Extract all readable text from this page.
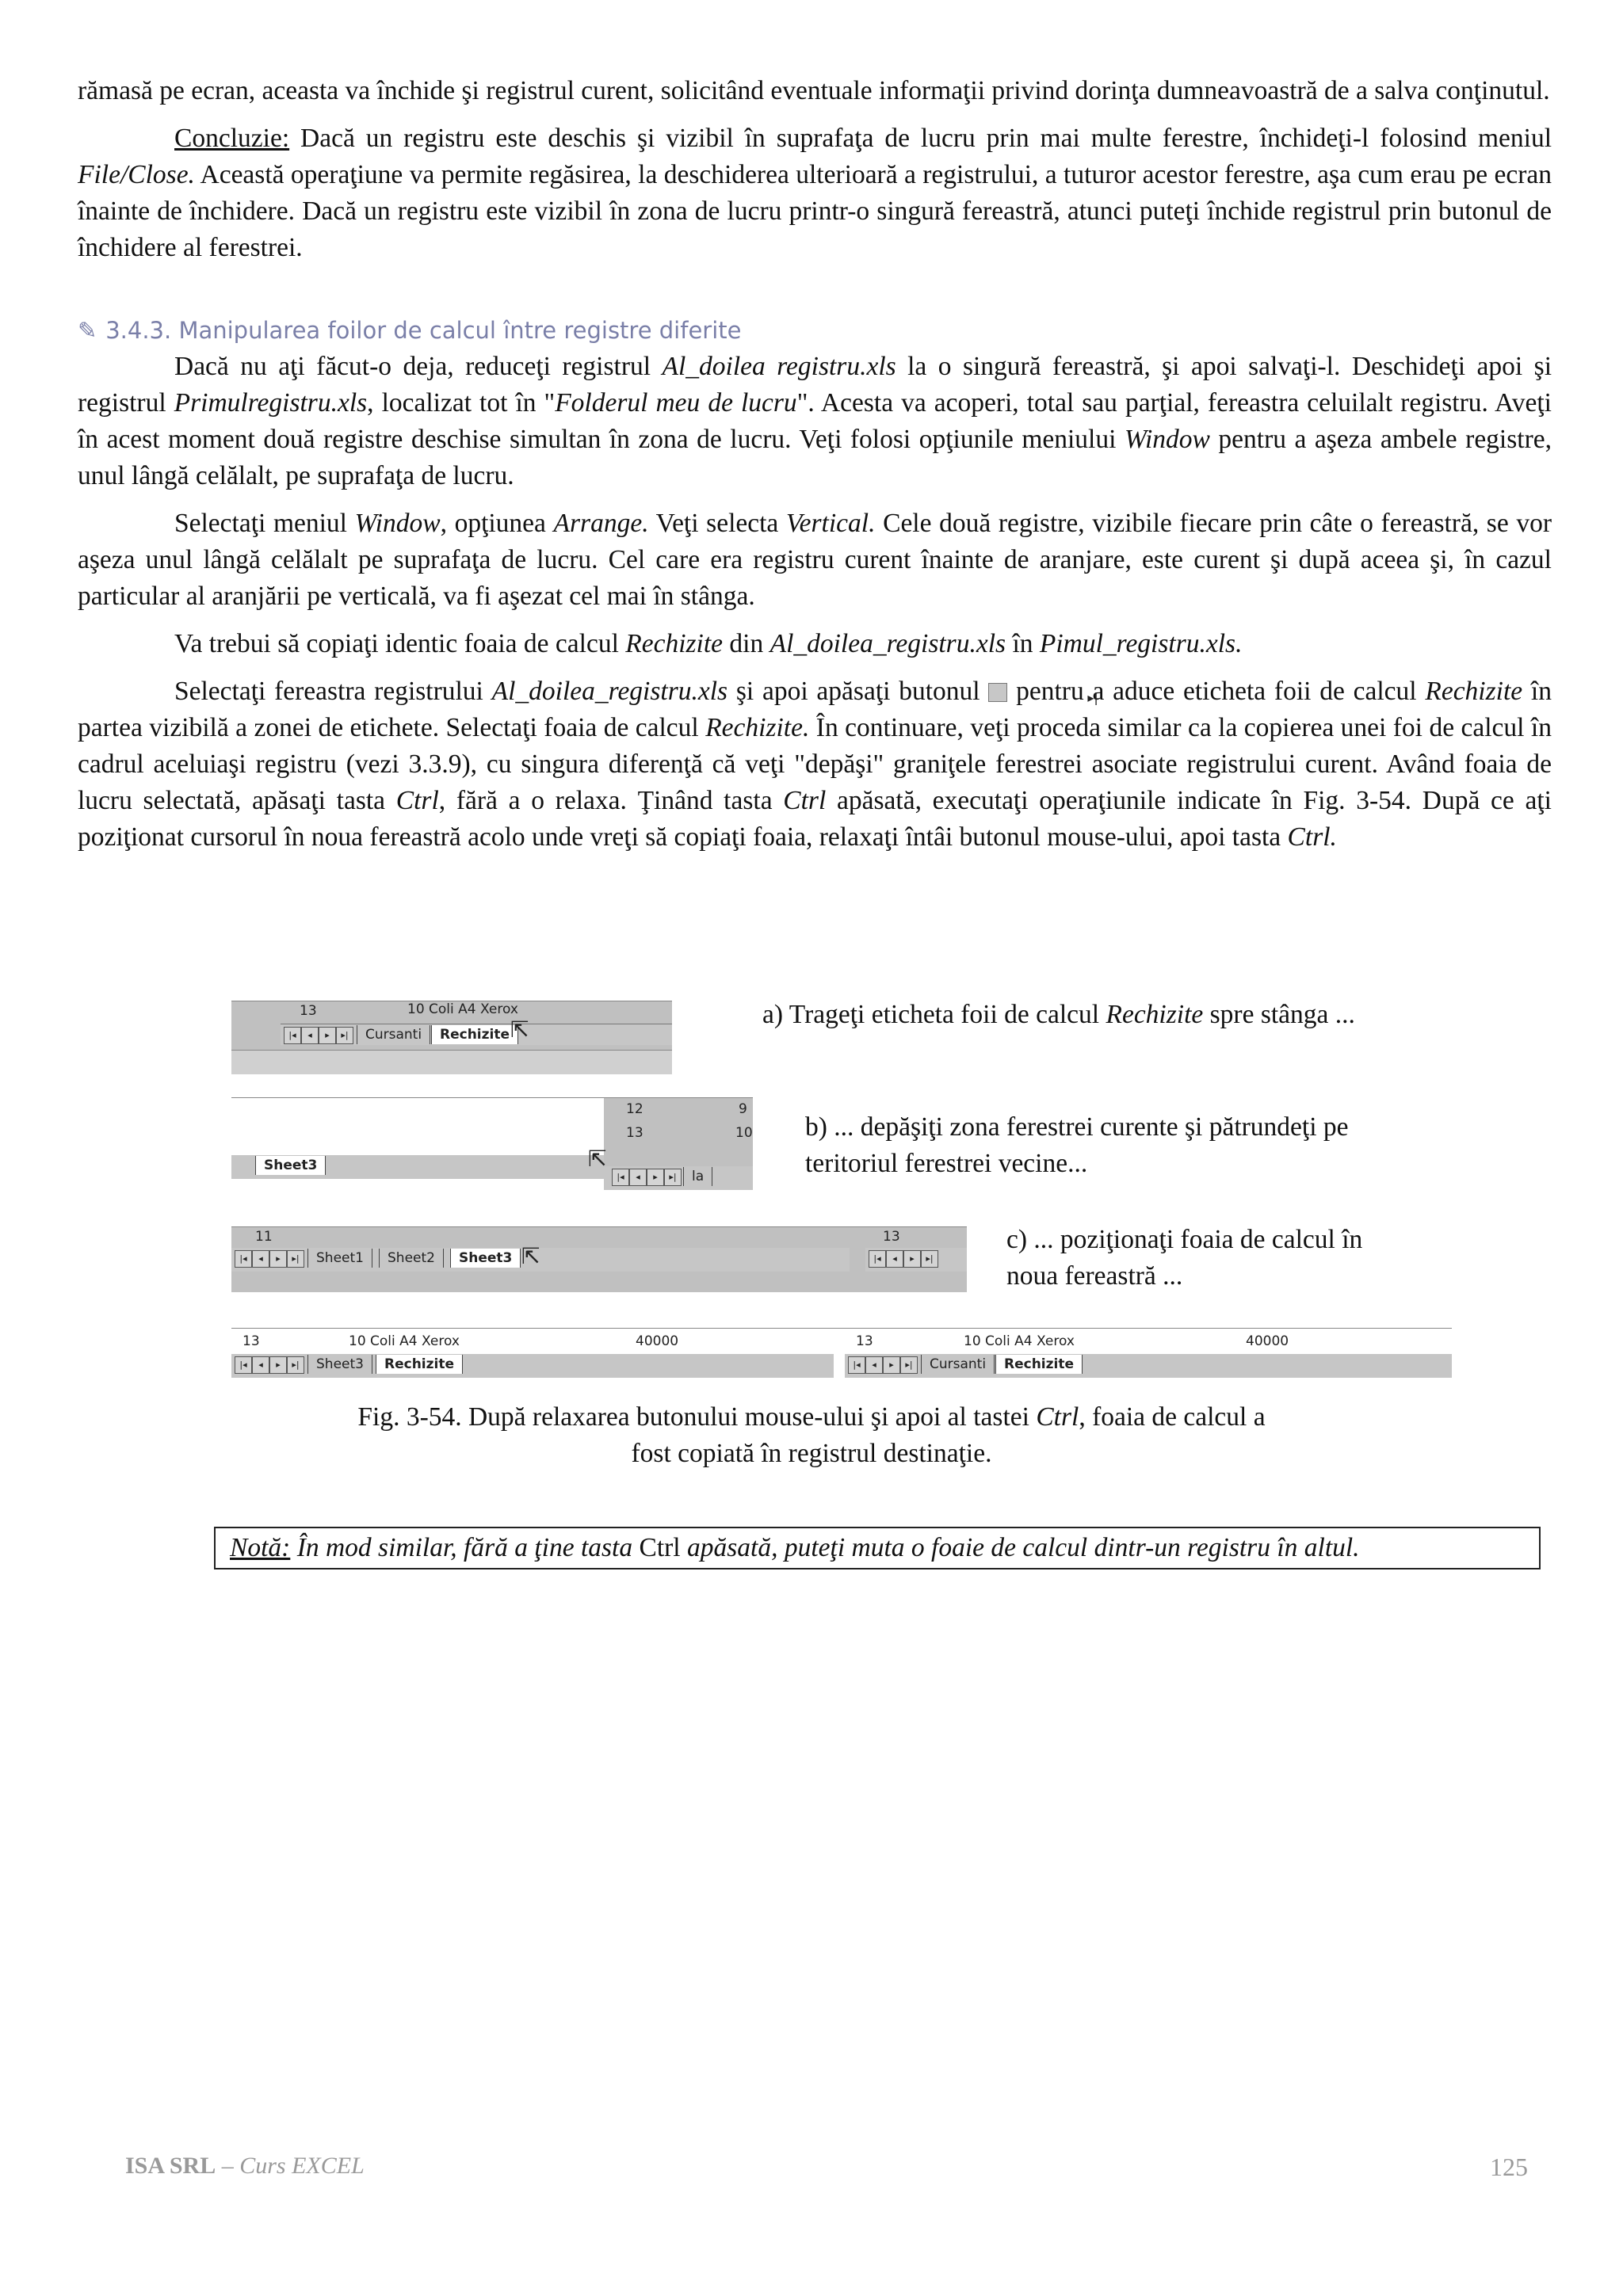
rămasă pe ecran, aceasta va închide şi registrul curent, solicitând eventuale informaţii privind dorinţa dumneavoastră de a salva conţinutul.

Concluzie: Dacă un registru este deschis şi vizibil în suprafaţa de lucru prin mai multe ferestre, închideţi-l folosind meniul File/Close. Această operaţiune va permite regăsirea, la deschiderea ulterioară a registrului, a tuturor acestor ferestre, aşa cum erau pe ecran înainte de închidere. Dacă un registru este vizibil în zona de lucru printr-o singură fereastră, atunci puteţi închide registrul prin butonul de închidere al ferestrei.

✎ 3.4.3. Manipularea foilor de calcul între registre diferite

Dacă nu aţi făcut-o deja, reduceţi registrul Al_doilea registru.xls la o singură fereastră, şi apoi salvaţi-l. Deschideţi apoi şi registrul Primulregistru.xls, localizat tot în "Folderul meu de lucru". Acesta va acoperi, total sau parţial, fereastra celuilalt registru. Aveţi în acest moment două registre deschise simultan în zona de lucru. Veţi folosi opţiunile meniului Window pentru a aşeza ambele registre, unul lângă celălalt, pe suprafaţa de lucru.

Selectaţi meniul Window, opţiunea Arrange. Veţi selecta Vertical. Cele două registre, vizibile fiecare prin câte o fereastră, se vor aşeza unul lângă celălalt pe suprafaţa de lucru. Cel care era registru curent înainte de aranjare, este curent şi după aceea şi, în cazul particular al aranjării pe verticală, va fi aşezat cel mai în stânga.

Va trebui să copiaţi identic foaia de calcul Rechizite din Al_doilea_registru.xls în Pimul_registru.xls.

Selectaţi fereastra registrului Al_doilea_registru.xls şi apoi apăsaţi butonul ▸| pentru a aduce eticheta foii de calcul Rechizite în partea vizibilă a zonei de etichete. Selectaţi foaia de calcul Rechizite. În continuare, veţi proceda similar ca la copierea unei foi de calcul în cadrul aceluiaşi registru (vezi 3.3.9), cu singura diferenţă că veţi "depăşi" graniţele ferestrei asociate registrului curent. Având foaia de lucru selectată, apăsaţi tasta Ctrl, fără a o relaxa. Ţinând tasta Ctrl apăsată, executaţi operaţiunile indicate în Fig. 3-54. După ce aţi poziţionat cursorul în noua fereastră acolo unde vreţi să copiaţi foaia, relaxaţi întâi butonul mouse-ului, apoi tasta Ctrl.

13	10 Coli A4 Xerox
|◂	◂	▸	▸|	Cursanti	Rechizite ⇱
a) Trageţi eticheta foii de calcul Rechizite spre stânga ...
12
13
9
10
Sheet3
|◂	◂	▸	▸|	la
⇱
b) ... depăşiţi zona ferestrei curente şi pătrundeţi pe
teritoriul ferestrei vecine...
11	13
|◂	◂	▸	▸|	Sheet1	Sheet2	Sheet3 ⇱	|◂	◂	▸	▸|
c) ... poziţionaţi foaia de calcul în
noua fereastră ...
13	10 Coli A4 Xerox	40000
|◂	◂	▸	▸|	Sheet3	Rechizite
13	10 Coli A4 Xerox	40000
|◂	◂	▸	▸|	Cursanti	Rechizite
Fig. 3-54. După relaxarea butonului mouse-ului şi apoi al tastei Ctrl, foaia de calcul a
fost copiată în registrul destinaţie.
Notă: În mod similar, fără a ţine tasta Ctrl apăsată, puteţi muta o foaie de calcul dintr-un registru în altul.
ISA SRL – Curs EXCEL	125
